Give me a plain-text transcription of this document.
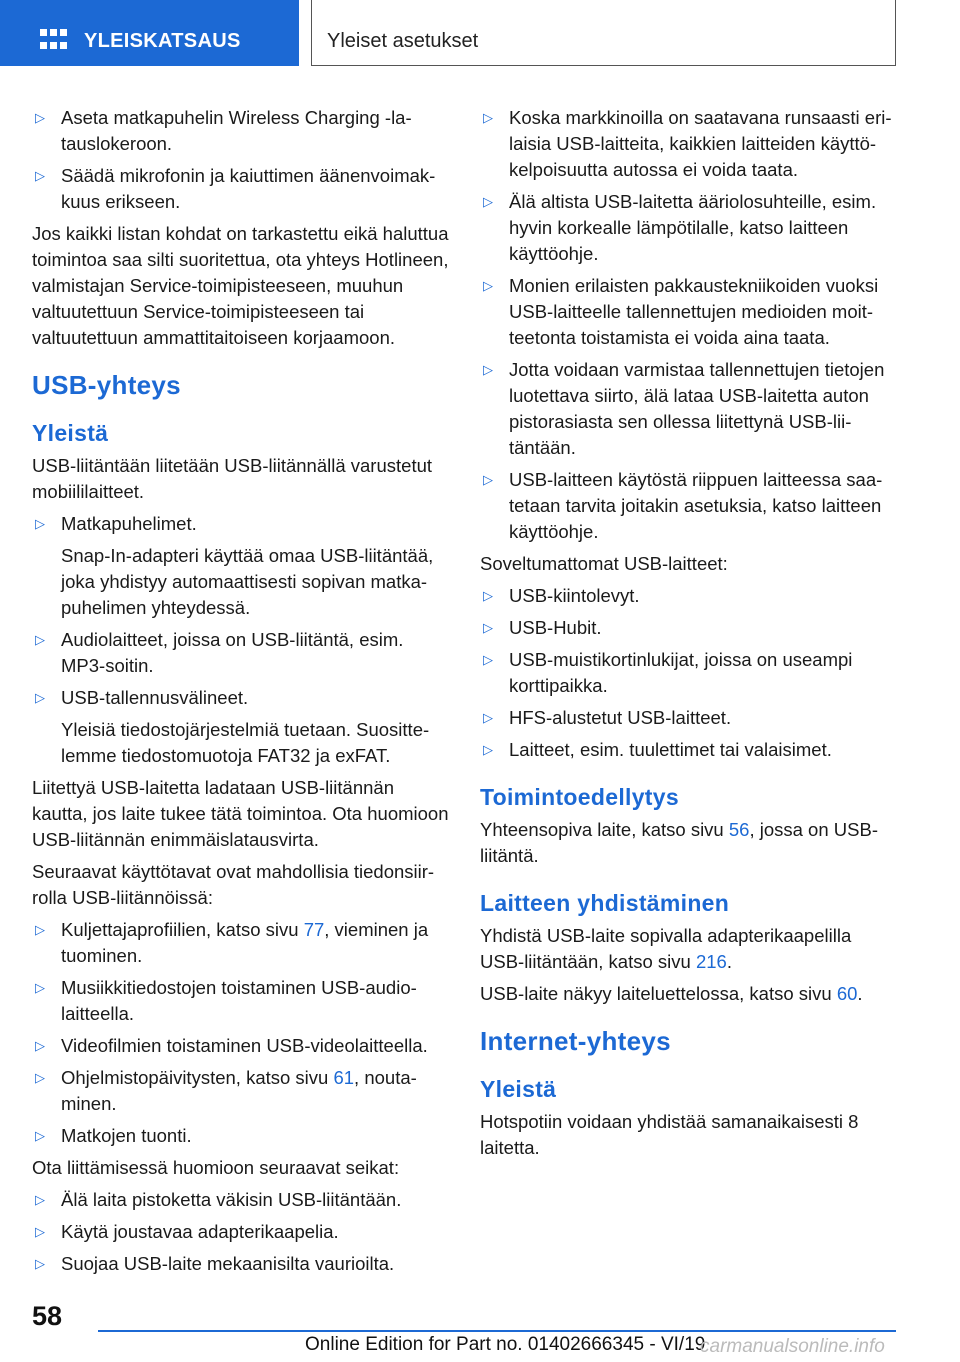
YLEISKATSAUS	Yleiset asetukset
▷ Aseta matkapuhelin Wireless Charging -latauslokeroon.
▷ Säädä mikrofonin ja kaiuttimen äänenvoimakkuus erikseen.
Jos kaikki listan kohdat on tarkastettu eikä haluttua toimintoa saa silti suoritettua, ota yhteys Hotlineen, valmistajan Service-toimipisteeseen, muuhun valtuutettuun Service-toimipisteeseen tai valtuutettuun ammattitaitoiseen korjaamoon.
USB-yhteys
Yleistä
USB-liitäntään liitetään USB-liitännällä varustetut mobiililaitteet.
▷ Matkapuhelimet.
Snap-In-adapteri käyttää omaa USB-liitäntää, joka yhdistyy automaattisesti sopivan matkapuhelimen yhteydessä.
▷ Audiolaitteet, joissa on USB-liitäntä, esim. MP3-soitin.
▷ USB-tallennusvälineet.
Yleisiä tiedostojärjestelmiä tuetaan. Suosittelemme tiedostomuotoja FAT32 ja exFAT.
Liitettyä USB-laitetta ladataan USB-liitännän kautta, jos laite tukee tätä toimintoa. Ota huomioon USB-liitännän enimmäislatausvirta.
Seuraavat käyttötavat ovat mahdollisia tiedonsiirrolla USB-liitännöissä:
▷ Kuljettajaprofiilien, katso sivu 77, vieminen ja tuominen.
▷ Musiikkitiedostojen toistaminen USB-audiolaitteella.
▷ Videofilmien toistaminen USB-videolaitteella.
▷ Ohjelmistopäivitysten, katso sivu 61, noutaminen.
▷ Matkojen tuonti.
Ota liittämisessä huomioon seuraavat seikat:
▷ Älä laita pistoketta väkisin USB-liitäntään.
▷ Käytä joustavaa adapterikaapelia.
▷ Suojaa USB-laite mekaanisilta vaurioilta.
▷ Koska markkinoilla on saatavana runsaasti erilaisia USB-laitteita, kaikkien laitteiden käyttökelpoisuutta autossa ei voida taata.
▷ Älä altista USB-laitetta ääriolosuhteille, esim. hyvin korkealle lämpötilalle, katso laitteen käyttöohje.
▷ Monien erilaisten pakkaustekniikoiden vuoksi USB-laitteelle tallennettujen medioiden moitteetonta toistamista ei voida aina taata.
▷ Jotta voidaan varmistaa tallennettujen tietojen luotettava siirto, älä lataa USB-laitetta auton pistorasiasta sen ollessa liitettynä USB-liitäntään.
▷ USB-laitteen käytöstä riippuen laitteessa saatetaan tarvita joitakin asetuksia, katso laitteen käyttöohje.
Soveltumattomat USB-laitteet:
▷ USB-kiintolevyt.
▷ USB-Hubit.
▷ USB-muistikortinlukijat, joissa on useampi korttipaikka.
▷ HFS-alustetut USB-laitteet.
▷ Laitteet, esim. tuulettimet tai valaisimet.
Toimintoedellytys
Yhteensopiva laite, katso sivu 56, jossa on USB-liitäntä.
Laitteen yhdistäminen
Yhdistä USB-laite sopivalla adapterikaapelilla USB-liitäntään, katso sivu 216.
USB-laite näkyy laiteluettelossa, katso sivu 60.
Internet-yhteys
Yleistä
Hotspotiin voidaan yhdistää samanaikaisesti 8 laitetta.
58
Online Edition for Part no. 01402666345 - VI/19
carmanualsonline.info
